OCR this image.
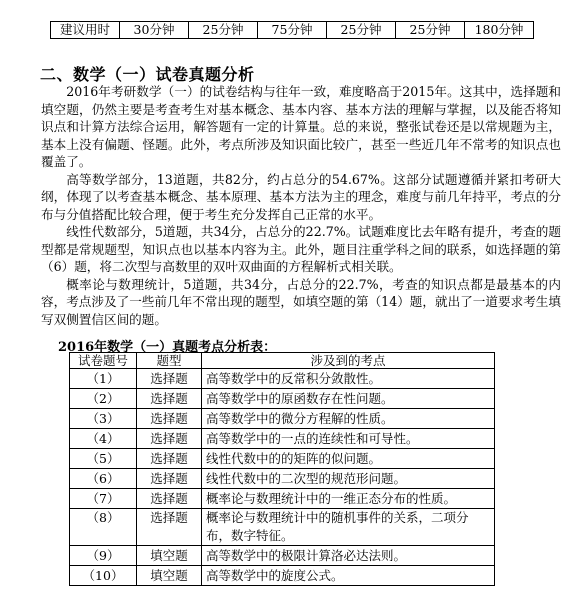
建议用时	30分钟	25分钟	75分钟	25分钟	25分钟	180分钟
二、数学（一）试卷真题分析

2016年考研数学（一）的试卷结构与往年一致，难度略高于2015年。这其中，选择题和填空题，仍然主要是考查考生对基本概念、基本内容、基本方法的理解与掌握，以及能否将知识点和计算方法综合运用，解答题有一定的计算量。总的来说，整张试卷还是以常规题为主，基本上没有偏题、怪题。此外，考点所涉及知识面比较广，甚至一些近几年不常考的知识点也覆盖了。

高等数学部分，13道题，共82分，约占总分的54.67%。这部分试题遵循并紧扣考研大纲，体现了以考查基本概念、基本原理、基本方法为主的理念，难度与前几年持平，考点的分布与分值搭配比较合理，便于考生充分发挥自己正常的水平。

线性代数部分，5道题，共34分，占总分的22.7%。试题难度比去年略有提升，考查的题型都是常规题型，知识点也以基本内容为主。此外，题目注重学科之间的联系，如选择题的第（6）题，将二次型与高数里的双叶双曲面的方程解析式相关联。

概率论与数理统计，5道题，共34分，占总分的22.7%，考查的知识点都是最基本的内容，考点涉及了一些前几年不常出现的题型，如填空题的第（14）题，就出了一道要求考生填写双侧置信区间的题。

2016年数学（一）真题考点分析表：
试卷题号	题型	涉及到的考点
（1）	选择题	高等数学中的反常积分敛散性。
（2）	选择题	高等数学中的原函数存在性问题。
（3）	选择题	高等数学中的微分方程解的性质。
（4）	选择题	高等数学中的一点的连续性和可导性。
（5）	选择题	线性代数中的的矩阵的似问题。
（6）	选择题	线性代数中的二次型的规范形问题。
（7）	选择题	概率论与数理统计中的一维正态分布的性质。
（8）	选择题	概率论与数理统计中的随机事件的关系，二项分布，数字特征。
（9）	填空题	高等数学中的极限计算洛必达法则。
（10）	填空题	高等数学中的旋度公式。
